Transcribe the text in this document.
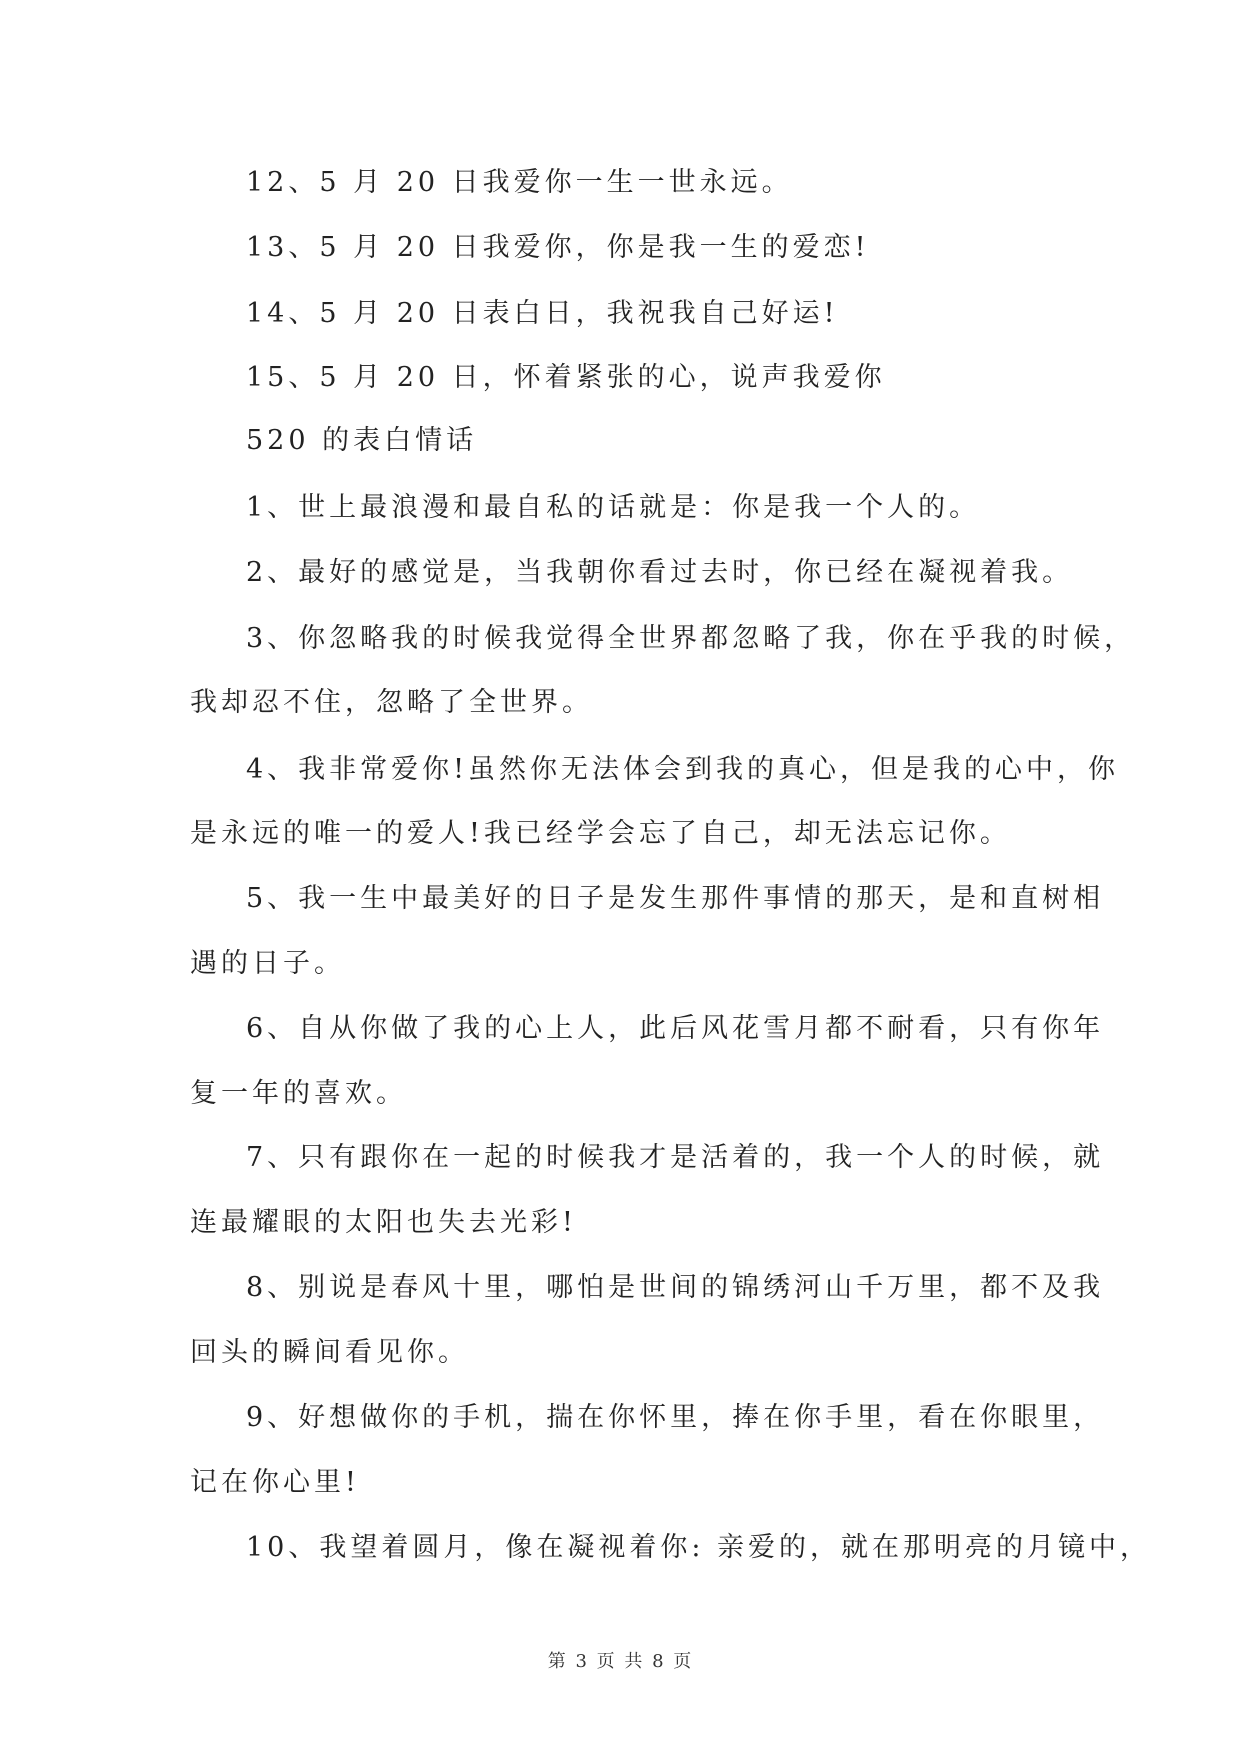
12、5 月 20 日我爱你一生一世永远。
13、5 月 20 日我爱你，你是我一生的爱恋!
14、5 月 20 日表白日，我祝我自己好运!
15、5 月 20 日，怀着紧张的心，说声我爱你
520 的表白情话
1、世上最浪漫和最自私的话就是：你是我一个人的。
2、最好的感觉是，当我朝你看过去时，你已经在凝视着我。
3、你忽略我的时候我觉得全世界都忽略了我，你在乎我的时候，
我却忍不住，忽略了全世界。
4、我非常爱你!虽然你无法体会到我的真心，但是我的心中，你
是永远的唯一的爱人!我已经学会忘了自己，却无法忘记你。
5、我一生中最美好的日子是发生那件事情的那天，是和直树相
遇的日子。
6、自从你做了我的心上人，此后风花雪月都不耐看，只有你年
复一年的喜欢。
7、只有跟你在一起的时候我才是活着的，我一个人的时候，就
连最耀眼的太阳也失去光彩!
8、别说是春风十里，哪怕是世间的锦绣河山千万里，都不及我
回头的瞬间看见你。
9、好想做你的手机，揣在你怀里，捧在你手里，看在你眼里，
记在你心里!
10、我望着圆月，像在凝视着你: 亲爱的，就在那明亮的月镜中，
第 3 页 共 8 页
